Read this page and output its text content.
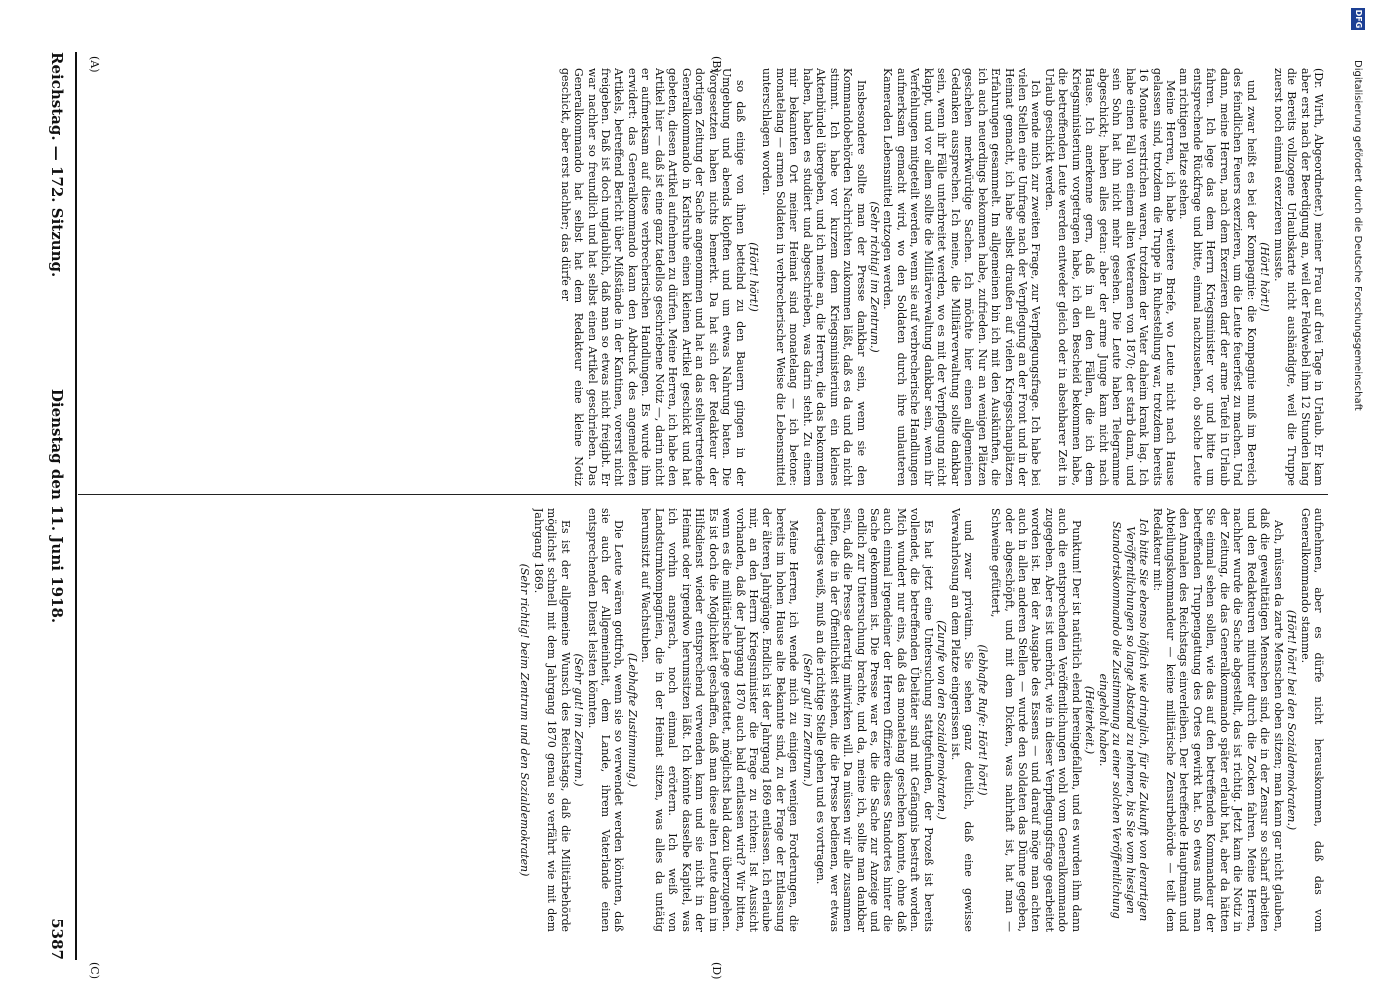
Reichstag. — 172. Sitzung.
Dienstag den 11. Juni 1918.
5387
(A)	(B)
(C)	(D)

(Dr. Wirth, Abgeordneter.) meiner Frau auf drei Tage in Urlaub. Er kam aber erst nach der Beerdigung an, weil der Feldwebel ihm 12 Stunden lang die Bereits vollzogene Urlaubskarte nicht aushändigte, weil die Truppe zuerst noch einmal exerzieren musste.

(Hört! hört!)

und zwar heißt es bei der Kompagnie: die Kompagnie muß im Bereich des feindlichen Feuers exerzieren, um die Leute feuerfest zu machen. Und dann, meine Herren, nach dem Exerzieren darf der arme Teufel in Urlaub fahren. Ich lege das dem Herrn Kriegsminister vor und bitte um entsprechende Rückfrage und bitte, einmal nachzusehen, ob solche Leute am richtigen Platze stehen.

Meine Herren, ich habe weitere Briefe, wo Leute nicht nach Hause gelassen sind, trotzdem die Truppe in Ruhestellung war, trotzdem bereits 16 Monate verstrichen waren, trotzdem der Vater daheim krank lag. Ich habe einen Fall von einem alten Veteranen von 1870; der starb dann, und sein Sohn hat ihn nicht mehr gesehen. Die Leute haben Telegramme abgeschickt; haben alles getan: aber der arme Junge kam nicht nach Hause. Ich anerkenne gern, daß in all den Fällen, die ich dem Kriegsministerium vorgetragen habe, ich den Bescheid bekommen habe, die betreffenden Leute werden entweder gleich oder in absehbarer Zeit in Urlaub geschickt werden.

Ich wende mich zur zweiten Frage, zur Verpflegungsfrage. Ich habe bei vielen Stellen eine Umfrage nach der Verpflegung an der Front und in der Heimat gemacht, ich habe selbst draußen auf vielen Kriegsschauplätzen Erfahrungen gesammelt. Im allgemeinen bin ich mit den Auskünften, die ich auch neuerdings bekommen habe, zufrieden. Nur an wenigen Plätzen geschehen merkwürdige Sachen. Ich möchte hier einen allgemeinen Gedanken aussprechen. Ich meine, die Militärverwaltung sollte dankbar sein, wenn ihr Fälle unterbreitet werden, wo es mit der Verpflegung nicht klappt, und vor allem sollte die Militärverwaltung dankbar sein, wenn ihr Verfehlungen mitgeteilt werden, wenn sie auf verbrecherische Handlungen aufmerksam gemacht wird, wo den Soldaten durch ihre unlauteren Kameraden Lebensmittel entzogen werden.

(Sehr richtig! im Zentrum.)

Insbesondere sollte man der Presse dankbar sein, wenn sie den Kommandobehörden Nachrichten zukommen läßt, daß es da und da nicht stimmt. Ich habe vor kurzem dem Kriegsministerium ein kleines Aktenbündel übergeben, und ich meine an, die Herren, die das bekommen haben, haben es studiert und abgeschrieben, was darin steht. Zu einem mir bekannten Ort meiner Heimat sind monatelang — ich betone: monatelang — armen Soldaten in verbrecherischer Weise die Lebensmittel unterschlagen worden.

(Hört! hört!)

so daß einige von ihnen bettelnd zu den Bauern gingen in der Umgebung und abends klopften und um etwas Nahrung baten. Die Vorgesetzten haben nichts bemerkt. Da hat sich der Redakteur der dortigen Zeitung der Sache angenommen und hat an das stellvertretende Generalkommando in Karlsruhe einen kleinen Artikel geschickt und hat gebeten, diesen Artikel aufnehmen zu dürfen. Meine Herren, ich habe den Artikel hier — daß ist eine ganz tadellos geschriebene Notiz —, darin nicht er aufmerksam auf diese verbrecherischen Handlungen. Es wurde ihm erwidert: das Generalkommando kann den Abdruck des angemeldeten Artikels, betreffend Bericht über Mißstände in der Kantinen, vorerst nicht freigeben. Daß ist doch unglaublich, daß man so etwas nicht freigibt. Er war nachher so freundlich und hat selbst einen Artikel geschrieben. Das Generalkommando hat selbst hat dem Redakteur eine kleine Notiz geschickt, aber erst nachher; das dürfe er

aufnehmen, aber es dürfe nicht herauskommen, daß das vom Generalkommando stamme.

(Hört! hört! bei den Sozialdemokraten.)

Ach, müssen da zarte Menschen oben sitzen; man kann gar nicht glauben, daß die gewalttätigen Menschen sind, die in der Zensur so scharf arbeiten und den Redakteuren mitunter durch die Zocken fahren. Meine Herren, nachher wurde die Sache abgestellt, das ist richtig. Jetzt kam die Notiz in der Zeitung, die das Generalkommando später erlaubt hat, aber da hätten Sie einmal sehen sollen, wie das auf den betreffenden Kommandeur der betreffenden Truppengattung des Ortes gewirkt hat. So etwas muß man den Annalen des Reichstags einverleiben. Der betreffende Hauptmann und Abteilungskommandeur — keine militärische Zensurbehörde — teilt dem Redakteur mit:

Ich bitte Sie ebenso höflich wie dringlich, für die Zukunft von derartigen Veröffentlichungen so lange Abstand zu nehmen, bis Sie vom hiesigen Standortskommando die Zustimmung zu einer solchen Veröffentlichung eingeholt haben.

(Heiterkeit.)

Punktum! Der ist natürlich elend hereingefallen, und es wurden ihm dann auch die entsprechenden Veröffentlichungen wohl vom Generalkommando zugegeben. Aber es ist unerhört, wie in dieser Verpflegungsfrage gearbeitet worden ist. Bei der Ausgabe des Essens — und darauf möge man achten auch in allen anderen Stellen — wurde den Soldaten das Dünne gegeben, oder abgeschöpft, und mit dem Dicken, was nahrhaft ist, hat man — Schweine gefüttert,

(lebhafte Rufe: Hört! hört!)

und zwar privatim. Sie sehen ganz deutlich, daß eine gewisse Verwahrlosung an dem Platze eingerissen ist.

(Zurufe von den Sozialdemokraten.)

Es hat jetzt eine Untersuchung stattgefunden, der Prozeß ist bereits vollendet, die betreffenden Übeltäter sind mit Gefängnis bestraft worden. Mich wundert nur eins, daß das monatelang geschehen konnte, ohne daß auch einmal irgendeiner der Herren Offiziere dieses Standortes hinter die Sache gekommen ist. Die Presse war es, die die Sache zur Anzeige und endlich zur Untersuchung brachte, und da, meine ich, sollte man dankbar sein, daß die Presse derartig mitwirken will. Da müssen wir alle zusammen helfen, die in der Öffentlichkeit stehen, die die Presse bedienen, wer etwas derartiges weiß, muß an die richtige Stelle gehen und es vortragen.

(Sehr gut! im Zentrum.)

Meine Herren, ich wende mich zu einigen wenigen Forderungen, die bereits im hohen Hause alte Bekannte sind, zu der Frage der Entlassung der älteren Jahrgänge. Endlich ist der Jahrgang 1869 entlassen. Ich erlaube mir, an den Herrn Kriegsminister die Frage zu richten: Ist Aussicht vorhanden, daß der Jahrgang 1870 auch bald entlassen wird? Wir bitten, wenn es die militärische Lage gestattet, möglichst bald dazu überzugehen. Es ist doch die Möglichkeit geschaffen, daß man diese alten Leute dann im Hilfsdienst wieder entsprechend verwenden kann und sie nicht in der Heimat oder irgendwo herumsitzen läßt. Ich könnte dasselbe Kapitel, was ich vorhin ansprach, noch einmal erörtern. Ich weiß von Landsturmkompagnien, die in der Heimat sitzen, was alles da untätig herumsitzt auf Wachstuben.

(Lebhafte Zustimmung.)

Die Leute wären gottfroh, wenn sie so verwendet werden könnten, daß sie auch der Allgemeinheit, dem Lande, ihrem Vaterlande einen entsprechenden Dienst leisten könnten.

(Sehr gut! im Zentrum.)

Es ist der allgemeine Wunsch des Reichstags, daß die Militärbehörde möglichst schnell mit dem Jahrgang 1870 genau so verfährt wie mit dem Jahrgang 1869.

(Sehr richtig! beim Zentrum und den Sozialdemokraten)

Digitalisierung gefördert durch die Deutsche Forschungsgemeinschaft
DFG
